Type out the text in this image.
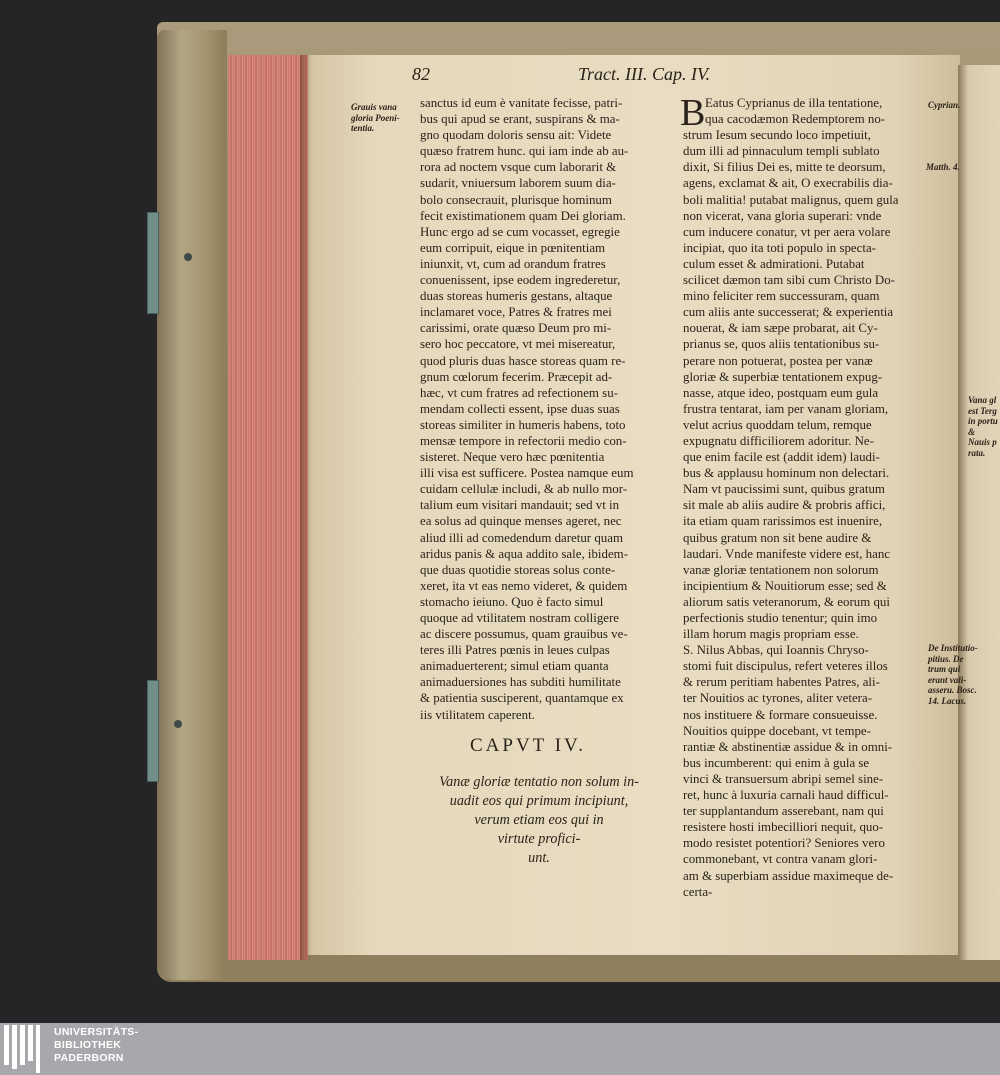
82	Tract. III. Cap. IV.
Grauis vana
gloria Poeni-
tentia.
sanctus id eum è vanitate fecisse, patri-
bus qui apud se erant, suspirans & ma-
gno quodam doloris sensu ait: Videte
quæso fratrem hunc. qui iam inde ab au-
rora ad noctem vsque cum laborarit &
sudarit, vniuersum laborem suum dia-
bolo consecrauit, plurisque hominum
fecit existimationem quam Dei gloriam.
Hunc ergo ad se cum vocasset, egregie
eum corripuit, eique in pœnitentiam
iniunxit, vt, cum ad orandum fratres
conuenissent, ipse eodem ingrederetur,
duas storeas humeris gestans, altaque
inclamaret voce, Patres & fratres mei
carissimi, orate quæso Deum pro mi-
sero hoc peccatore, vt mei misereatur,
quod pluris duas hasce storeas quam re-
gnum cœlorum fecerim. Præcepit ad-
hæc, vt cum fratres ad refectionem su-
mendam collecti essent, ipse duas suas
storeas similiter in humeris habens, toto
mensæ tempore in refectorii medio con-
sisteret. Neque vero hæc pœnitentia
illi visa est sufficere. Postea namque eum
cuidam cellulæ includi, & ab nullo mor-
talium eum visitari mandauit; sed vt in
ea solus ad quinque menses ageret, nec
aliud illi ad comedendum daretur quam
aridus panis & aqua addito sale, ibidem-
que duas quotidie storeas solus conte-
xeret, ita vt eas nemo videret, & quidem
stomacho ieiuno. Quo è facto simul
quoque ad vtilitatem nostram colligere
ac discere possumus, quam grauibus ve-
teres illi Patres pœnis in leues culpas
animaduerterent; simul etiam quanta
animaduersiones has subditi humilitate
& patientia susciperent, quantamque ex
iis vtilitatem caperent.
CAPVT IV.
Vanæ gloriæ tentatio non solum in-
uadit eos qui primum incipiunt,
verum etiam eos qui in
virtute profici-
unt.
B Eatus Cyprianus de illa tentatione,
qua cacodæmon Redemptorem no-
strum Iesum secundo loco impetiuit,
dum illi ad pinnaculum templi sublato
dixit, Si filius Dei es, mitte te deorsum,
agens, exclamat & ait, O execrabilis dia-
boli malitia! putabat malignus, quem gula
non vicerat, vana gloria superari: vnde
cum inducere conatur, vt per aera volare
incipiat, quo ita toti populo in specta-
culum esset & admirationi. Putabat
scilicet dæmon tam sibi cum Christo Do-
mino feliciter rem successuram, quam
cum aliis ante successerat; & experientia
nouerat, & iam sæpe probarat, ait Cy-
prianus se, quos aliis tentationibus su-
perare non potuerat, postea per vanæ
gloriæ & superbiæ tentationem expug-
nasse, atque ideo, postquam eum gula
frustra tentarat, iam per vanam gloriam,
velut acrius quoddam telum, remque
expugnatu difficiliorem adoritur. Ne-
que enim facile est (addit idem) laudi-
bus & applausu hominum non delectari.
Nam vt paucissimi sunt, quibus gratum
sit male ab aliis audire & probris affici,
ita etiam quam rarissimos est inuenire,
quibus gratum non sit bene audire &
laudari. Vnde manifeste videre est, hanc
vanæ gloriæ tentationem non solorum
incipientium & Nouitiorum esse; sed &
aliorum satis veteranorum, & eorum qui
perfectionis studio tenentur; quin imo
illam horum magis propriam esse.
S. Nilus Abbas, qui Ioannis Chryso-
stomi fuit discipulus, refert veteres illos
& rerum peritiam habentes Patres, ali-
ter Nouitios ac tyrones, aliter vetera-
nos instituere & formare consueuisse.
Nouitios quippe docebant, vt tempe-
rantiæ & abstinentiæ assidue & in omni-
bus incumberent: qui enim à gula se
vinci & transuersum abripi semel sine-
ret, hunc à luxuria carnali haud difficul-
ter supplantandum asserebant, nam qui
resistere hosti imbecilliori nequit, quo-
modo resistet potentiori? Seniores vero
commonebant, vt contra vanam glori-
am & superbiam assidue maximeque de-
certa-
Cyprian.
Matth. 4.
De Institutio-
pitius. De
trum qui
erant vali-
asseru. Bosc.
14. Lacus.
Vana gl
est Terg
in portu
&
Nauis p
rata.
UNIVERSITÄTS-
BIBLIOTHEK
PADERBORN
